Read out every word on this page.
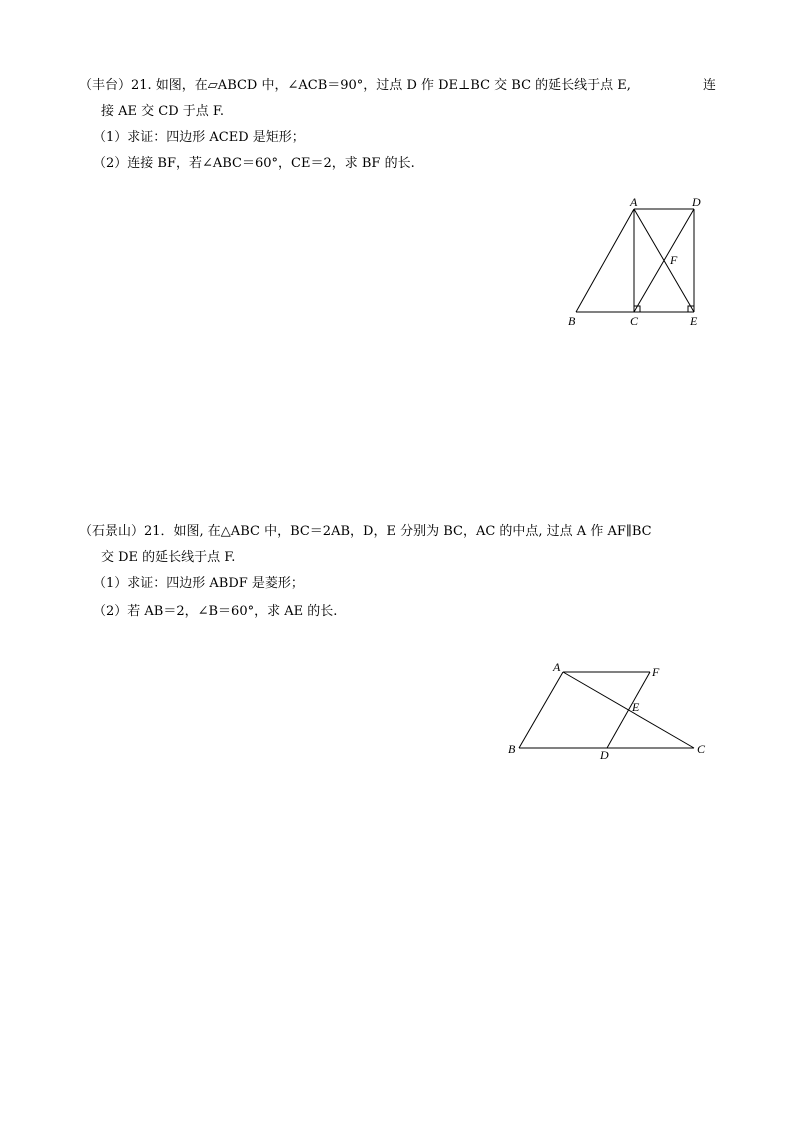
（丰台）21. 如图，在▱ABCD 中，∠ACB＝90°，过点 D 作 DE⊥BC 交 BC 的延长线于点 E,	连
接 AE 交 CD 于点 F.
（1）求证：四边形 ACED 是矩形；
（2）连接 BF，若∠ABC＝60°，CE＝2，求 BF 的长.
A	D
F
B	C	E
（石景山）21．如图, 在△ABC 中，BC＝2AB，D，E 分别为 BC，AC 的中点, 过点 A 作 AF∥BC
交 DE 的延长线于点 F.
（1）求证：四边形 ABDF 是菱形；
（2）若 AB＝2，∠B＝60°，求 AE 的长.
A	F
E
B	D	C
